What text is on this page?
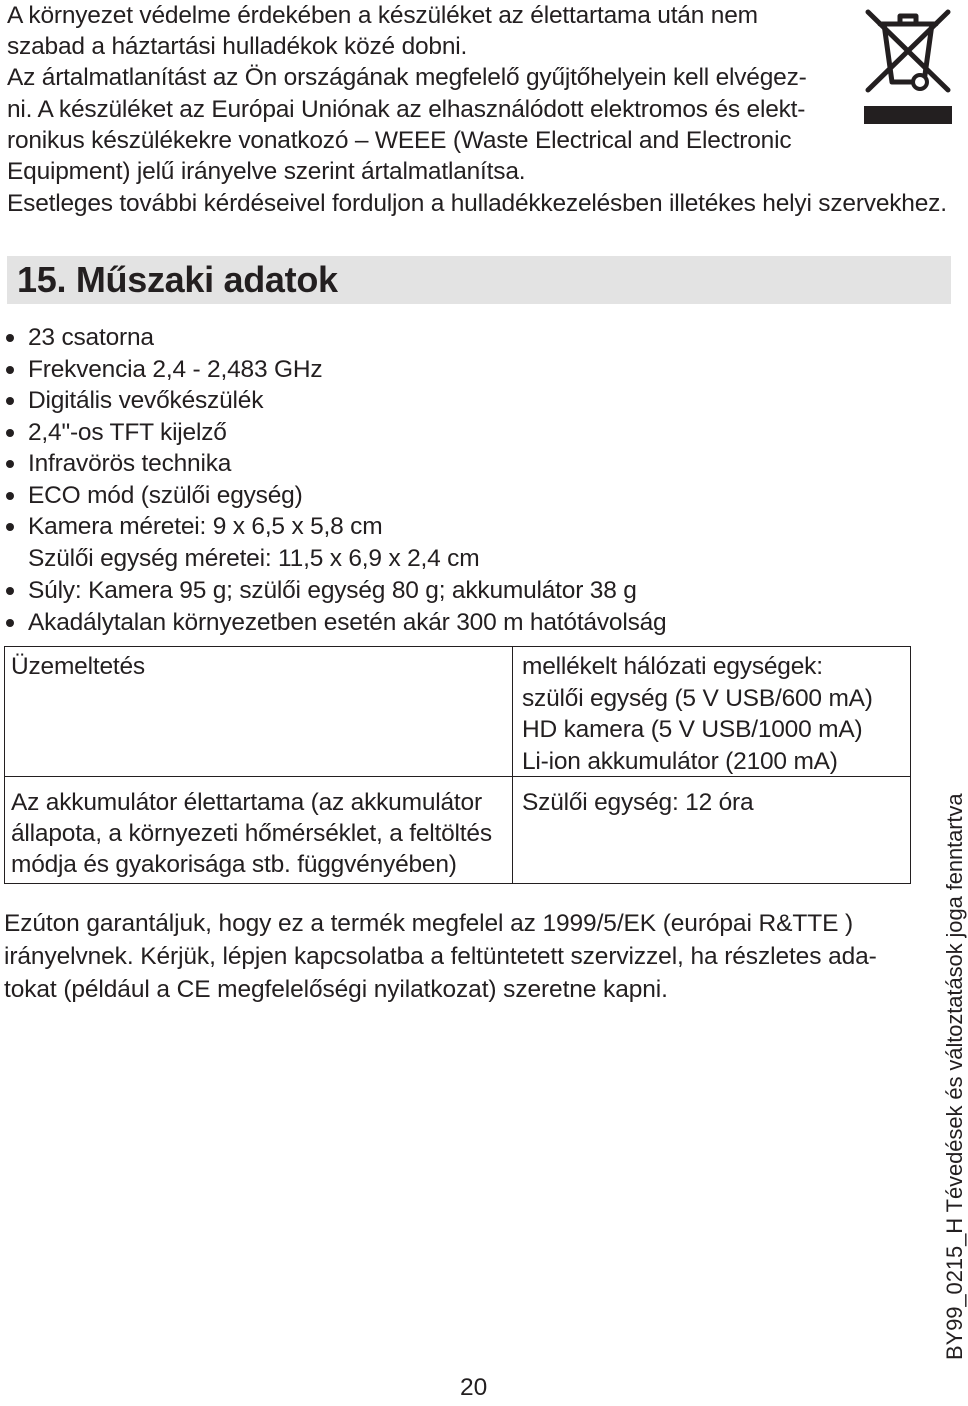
A környezet védelme érdekében a készüléket az élettartama után nem
szabad a háztartási hulladékok közé dobni.
Az ártalmatlanítást az Ön országának megfelelő gyűjtőhelyein kell elvégez-
ni. A készüléket az Európai Uniónak az elhasználódott elektromos és elekt-
ronikus készülékekre vonatkozó – WEEE (Waste Electrical and Electronic
Equipment) jelű irányelve szerint ártalmatlanítsa.
Esetleges további kérdéseivel forduljon a hulladékkezelésben illetékes helyi szervekhez.
15. Műszaki adatok
23 csatorna
Frekvencia 2,4 - 2,483 GHz
Digitális vevőkészülék
2,4"-os TFT kijelző
Infravörös technika
ECO mód (szülői egység)
Kamera méretei: 9 x 6,5 x 5,8 cm
Szülői egység méretei: 11,5 x 6,9 x 2,4 cm
Súly: Kamera 95 g; szülői egység 80 g; akkumulátor 38 g
Akadálytalan környezetben esetén akár 300 m hatótávolság
Üzemeltetés	mellékelt hálózati egységek:
szülői egység (5 V USB/600 mA)
HD kamera (5 V USB/1000 mA)
Li-ion akkumulátor (2100 mA)
Az akkumulátor élettartama (az akkumulátor
állapota, a környezeti hőmérséklet, a feltöltés
módja és gyakorisága stb. függvényében)
Szülői egység: 12 óra
Ezúton garantáljuk, hogy ez a termék megfelel az 1999/5/EK (európai R&TTE )
irányelvnek. Kérjük, lépjen kapcsolatba a feltüntetett szervizzel, ha részletes ada-
tokat (például a CE megfelelőségi nyilatkozat) szeretne kapni.
20
BY99_0215_H Tévedések és változtatások joga fenntartva
